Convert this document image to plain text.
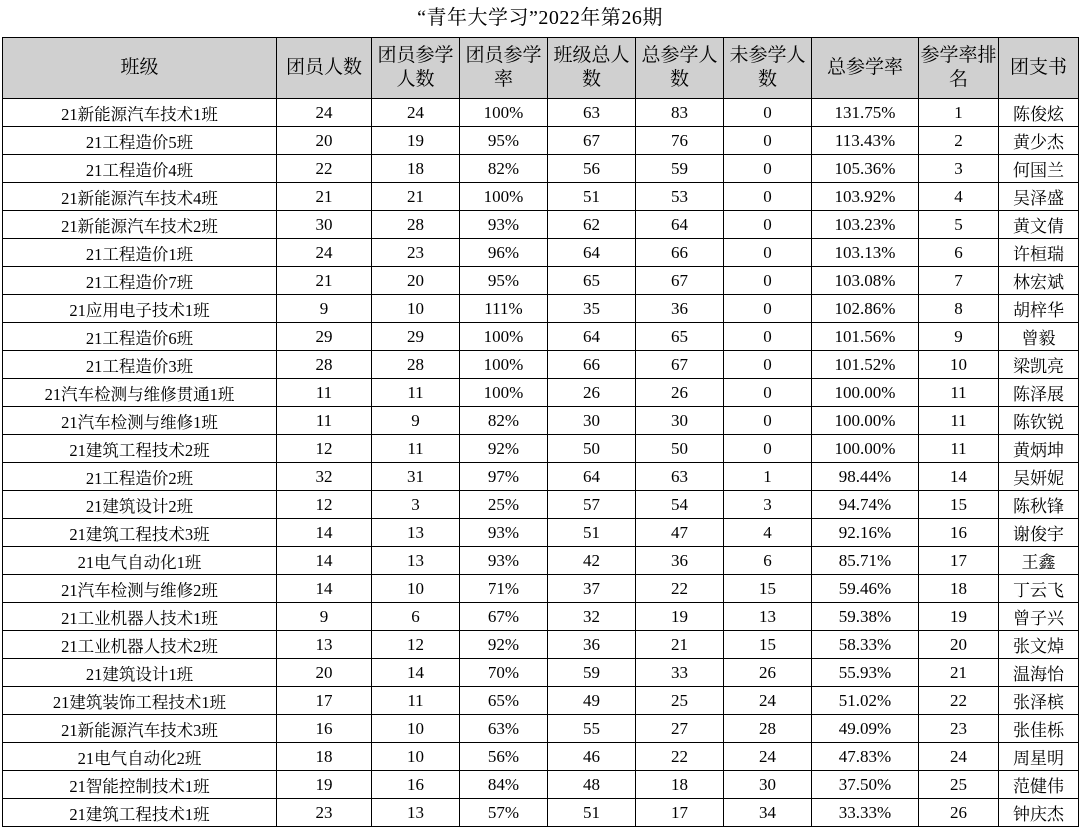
“青年大学习”2022年第26期
班级	团员人数	团员参学人数	团员参学率	班级总人数	总参学人数	未参学人数	总参学率	参学率排名	团支书
21新能源汽车技术1班	24	24	100%	63	83	0	131.75%	1	陈俊炫
21工程造价5班	20	19	95%	67	76	0	113.43%	2	黄少杰
21工程造价4班	22	18	82%	56	59	0	105.36%	3	何国兰
21新能源汽车技术4班	21	21	100%	51	53	0	103.92%	4	吴泽盛
21新能源汽车技术2班	30	28	93%	62	64	0	103.23%	5	黄文倩
21工程造价1班	24	23	96%	64	66	0	103.13%	6	许桓瑞
21工程造价7班	21	20	95%	65	67	0	103.08%	7	林宏斌
21应用电子技术1班	9	10	111%	35	36	0	102.86%	8	胡梓华
21工程造价6班	29	29	100%	64	65	0	101.56%	9	曾毅
21工程造价3班	28	28	100%	66	67	0	101.52%	10	梁凯亮
21汽车检测与维修贯通1班	11	11	100%	26	26	0	100.00%	11	陈泽展
21汽车检测与维修1班	11	9	82%	30	30	0	100.00%	11	陈钦锐
21建筑工程技术2班	12	11	92%	50	50	0	100.00%	11	黄炳坤
21工程造价2班	32	31	97%	64	63	1	98.44%	14	吴妍妮
21建筑设计2班	12	3	25%	57	54	3	94.74%	15	陈秋锋
21建筑工程技术3班	14	13	93%	51	47	4	92.16%	16	谢俊宇
21电气自动化1班	14	13	93%	42	36	6	85.71%	17	王鑫
21汽车检测与维修2班	14	10	71%	37	22	15	59.46%	18	丁云飞
21工业机器人技术1班	9	6	67%	32	19	13	59.38%	19	曾子兴
21工业机器人技术2班	13	12	92%	36	21	15	58.33%	20	张文焯
21建筑设计1班	20	14	70%	59	33	26	55.93%	21	温海怡
21建筑装饰工程技术1班	17	11	65%	49	25	24	51.02%	22	张泽槟
21新能源汽车技术3班	16	10	63%	55	27	28	49.09%	23	张佳栎
21电气自动化2班	18	10	56%	46	22	24	47.83%	24	周星明
21智能控制技术1班	19	16	84%	48	18	30	37.50%	25	范健伟
21建筑工程技术1班	23	13	57%	51	17	34	33.33%	26	钟庆杰
